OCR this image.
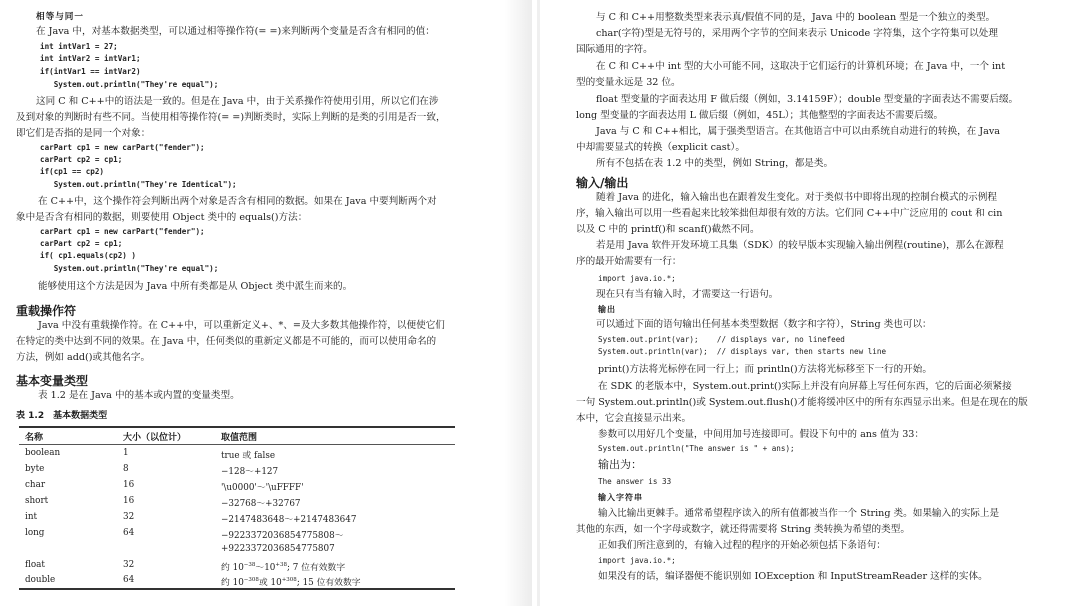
相等与同一
在 Java 中，对基本数据类型，可以通过相等操作符(= =)来判断两个变量是否含有相同的值：
int intVar1 = 27;
int intVar2 = intVar1;
if(intVar1 == intVar2)
System.out.println("They're equal");
这同 C 和 C++中的语法是一致的。但是在 Java 中，由于关系操作符使用引用，所以它们在涉
及到对象的判断时有些不同。当使用相等操作符(= =)判断类时，实际上判断的是类的引用是否一致，
即它们是否指的是同一个对象：
carPart cp1 = new carPart("fender");
carPart cp2 = cp1;
if(cp1 == cp2)
System.out.println("They're Identical");
在 C++中，这个操作符会判断出两个对象是否含有相同的数据。如果在 Java 中要判断两个对
象中是否含有相同的数据，则要使用 Object 类中的 equals()方法：
carPart cp1 = new carPart("fender");
carPart cp2 = cp1;
if( cp1.equals(cp2) )
System.out.println("They're equal");
能够使用这个方法是因为 Java 中所有类都是从 Object 类中派生而来的。
重载操作符
Java 中没有重载操作符。在 C++中，可以重新定义+、*、=及大多数其他操作符，以便使它们
在特定的类中达到不同的效果。在 Java 中，任何类似的重新定义都是不可能的，而可以使用命名的
方法，例如 add()或其他名字。
基本变量类型
表 1.2 是在 Java 中的基本或内置的变量类型。
表 1.2　基本数据类型
名称	大小（以位计）	取值范围
boolean	1	true 或 false
byte	8	−128～+127
char	16	'\u0000'～'\uFFFF'
short	16	−32768～+32767
int	32	−2147483648～+2147483647
long	64	−9223372036854775808～
+9223372036854775807
float	32	约 $10^{-38}\sim 10^{+38}$; 7 位有效数字
double	64	约 $10^{-308}$或 $10^{+308}$; 15 位有效数字
与 C 和 C++用整数类型来表示真/假值不同的是，Java 中的 boolean 型是一个独立的类型。
char(字符)型是无符号的，采用两个字节的空间来表示 Unicode 字符集，这个字符集可以处理
国际通用的字符。
在 C 和 C++中 int 型的大小可能不同，这取决于它们运行的计算机环境；在 Java 中，一个 int
型的变量永远是 32 位。
float 型变量的字面表达用 F 做后缀（例如，3.14159F）；double 型变量的字面表达不需要后缀。
long 型变量的字面表达用 L 做后缀（例如，45L）；其他整型的字面表达不需要后缀。
Java 与 C 和 C++相比，属于强类型语言。在其他语言中可以由系统自动进行的转换，在 Java
中却需要显式的转换（explicit cast）。
所有不包括在表 1.2 中的类型，例如 String，都是类。
输入/输出
随着 Java 的进化，输入输出也在跟着发生变化。对于类似书中即将出现的控制台模式的示例程
序，输入输出可以用一些看起来比较笨拙但却很有效的方法。它们同 C++中广泛应用的 cout 和 cin
以及 C 中的 printf()和 scanf()截然不同。
若是用 Java 软件开发环境工具集（SDK）的较早版本实现输入输出例程(routine)，那么在源程
序的最开始需要有一行：
import java.io.*;
现在只有当有输入时，才需要这一行语句。
输出
可以通过下面的语句输出任何基本类型数据（数字和字符），String 类也可以：
System.out.print(var);    // displays var, no linefeed
System.out.println(var);  // displays var, then starts new line
print()方法将光标停在同一行上；而 println()方法将光标移至下一行的开始。
在 SDK 的老版本中，System.out.print()实际上并没有向屏幕上写任何东西，它的后面必须紧接
一句 System.out.println()或 System.out.flush()才能将缓冲区中的所有东西显示出来。但是在现在的版
本中，它会直接显示出来。
参数可以用好几个变量，中间用加号连接即可。假设下句中的 ans 值为 33：
System.out.println("The answer is " + ans);
输出为：
The answer is 33
输入字符串
输入比输出更棘手。通常希望程序读入的所有值都被当作一个 String 类。如果输入的实际上是
其他的东西，如一个字母或数字，就还得需要将 String 类转换为希望的类型。
正如我们所注意到的，有输入过程的程序的开始必须包括下条语句：
import java.io.*;
如果没有的话，编译器便不能识别如 IOException 和 InputStreamReader 这样的实体。
